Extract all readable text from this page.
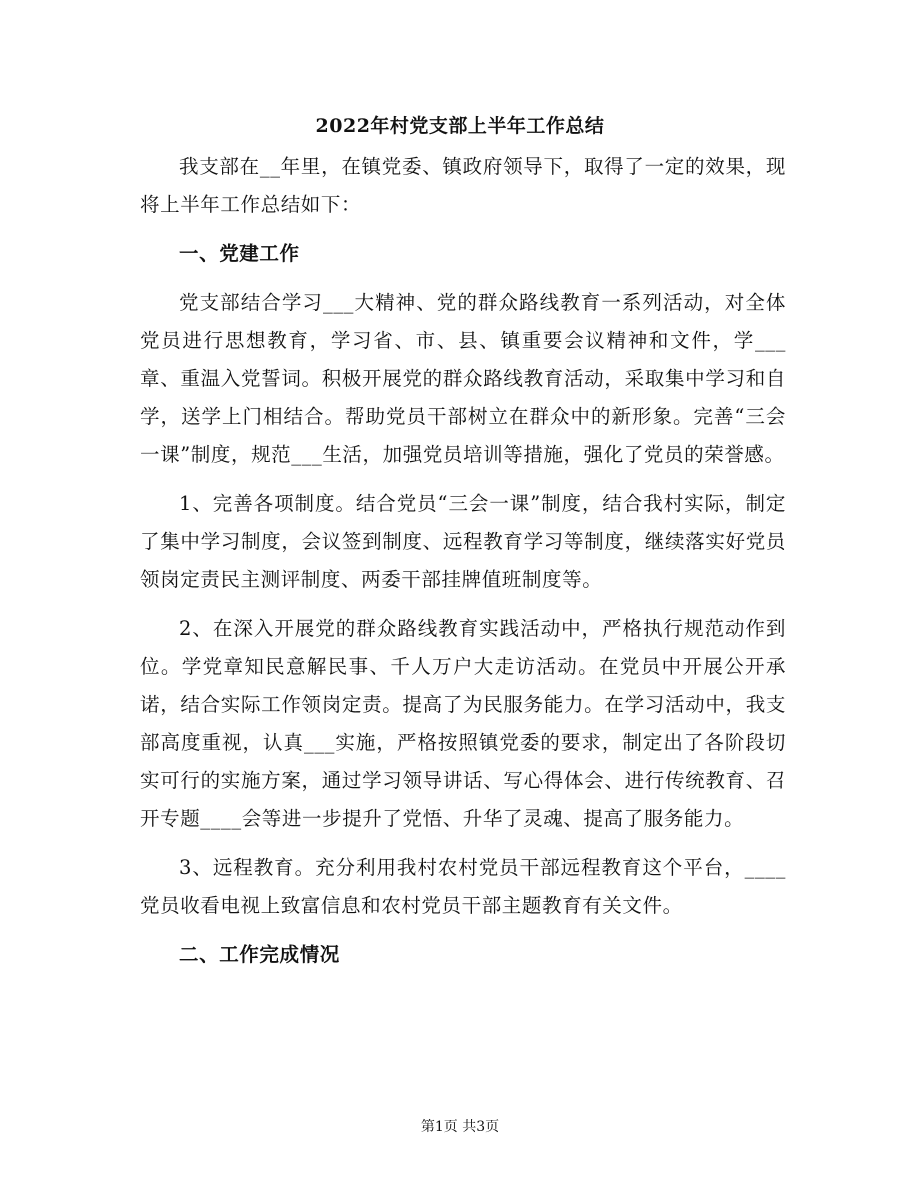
2022年村党支部上半年工作总结

我支部在__年里，在镇党委、镇政府领导下，取得了一定的效果，现将上半年工作总结如下：

一、党建工作

党支部结合学习___大精神、党的群众路线教育一系列活动，对全体党员进行思想教育，学习省、市、县、镇重要会议精神和文件，学___章、重温入党誓词。积极开展党的群众路线教育活动，采取集中学习和自学，送学上门相结合。帮助党员干部树立在群众中的新形象。完善“三会一课”制度，规范___生活，加强党员培训等措施，强化了党员的荣誉感。

1、完善各项制度。结合党员“三会一课”制度，结合我村实际，制定了集中学习制度，会议签到制度、远程教育学习等制度，继续落实好党员领岗定责民主测评制度、两委干部挂牌值班制度等。

2、在深入开展党的群众路线教育实践活动中，严格执行规范动作到位。学党章知民意解民事、千人万户大走访活动。在党员中开展公开承诺，结合实际工作领岗定责。提高了为民服务能力。在学习活动中，我支部高度重视，认真___实施，严格按照镇党委的要求，制定出了各阶段切实可行的实施方案，通过学习领导讲话、写心得体会、进行传统教育、召开专题____会等进一步提升了党悟、升华了灵魂、提高了服务能力。

3、远程教育。充分利用我村农村党员干部远程教育这个平台，____党员收看电视上致富信息和农村党员干部主题教育有关文件。

二、工作完成情况

第1页 共3页
